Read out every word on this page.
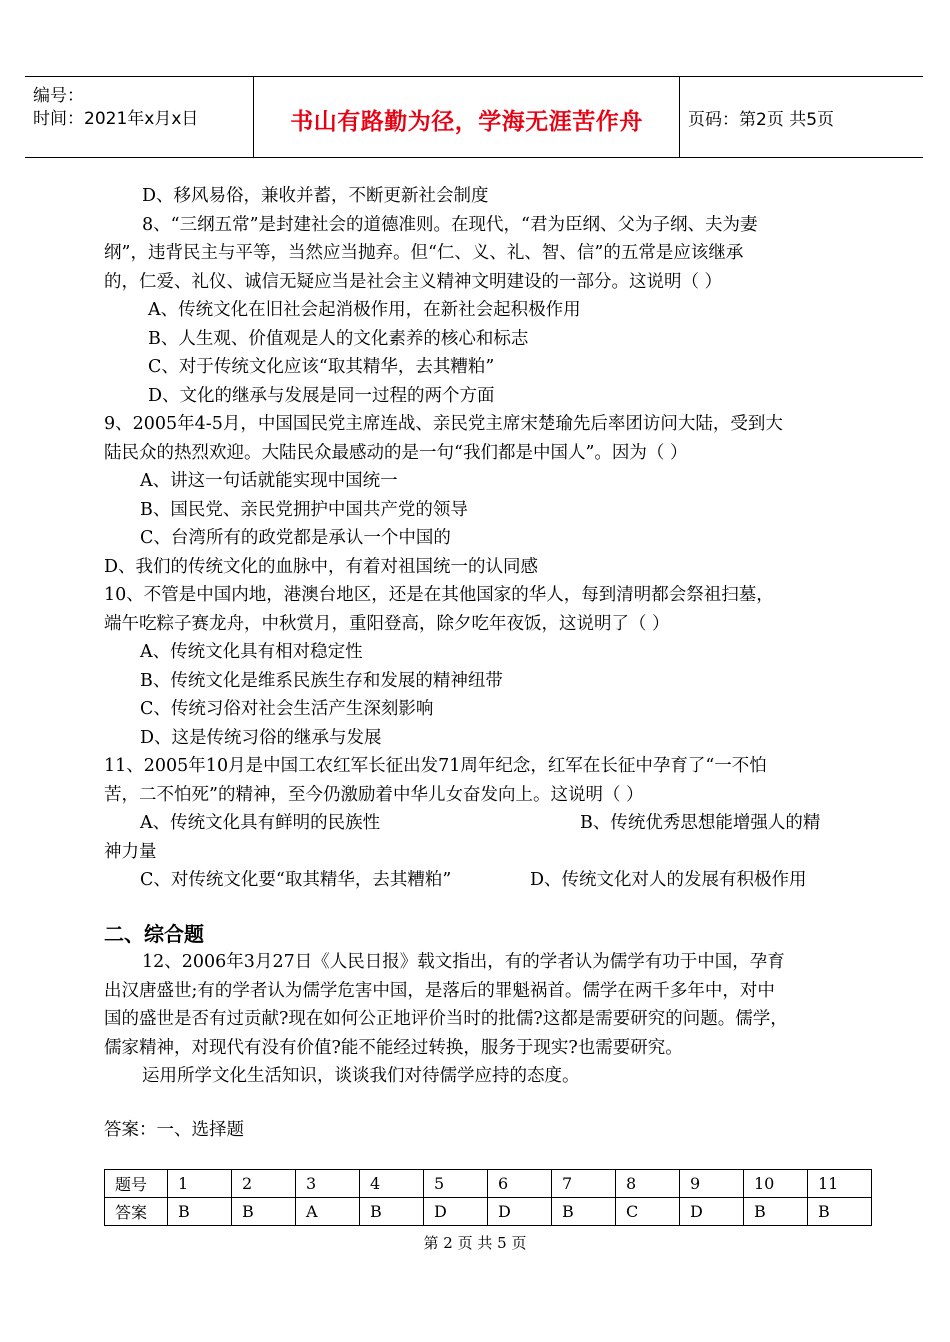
编号：
时间：2021年x月x日	书山有路勤为径，学海无涯苦作舟	页码：第2页 共5页

D、移风易俗，兼收并蓄，不断更新社会制度

8、“三纲五常”是封建社会的道德准则。在现代，“君为臣纲、父为子纲、夫为妻

纲”，违背民主与平等，当然应当抛弃。但“仁、义、礼、智、信”的五常是应该继承

的，仁爱、礼仪、诚信无疑应当是社会主义精神文明建设的一部分。这说明（ ）

A、传统文化在旧社会起消极作用，在新社会起积极作用

B、人生观、价值观是人的文化素养的核心和标志

C、对于传统文化应该“取其精华，去其糟粕”

D、文化的继承与发展是同一过程的两个方面

9、2005年4-5月，中国国民党主席连战、亲民党主席宋楚瑜先后率团访问大陆，受到大

陆民众的热烈欢迎。大陆民众最感动的是一句“我们都是中国人”。因为（ ）

A、讲这一句话就能实现中国统一

B、国民党、亲民党拥护中国共产党的领导

C、台湾所有的政党都是承认一个中国的

D、我们的传统文化的血脉中，有着对祖国统一的认同感

10、不管是中国内地，港澳台地区，还是在其他国家的华人，每到清明都会祭祖扫墓，

端午吃粽子赛龙舟，中秋赏月，重阳登高，除夕吃年夜饭，这说明了（ ）

A、传统文化具有相对稳定性

B、传统文化是维系民族生存和发展的精神纽带

C、传统习俗对社会生活产生深刻影响

D、这是传统习俗的继承与发展

11、2005年10月是中国工农红军长征出发71周年纪念，红军在长征中孕育了“一不怕

苦，二不怕死”的精神，至今仍激励着中华儿女奋发向上。这说明（ ）

A、传统文化具有鲜明的民族性	B、传统优秀思想能增强人的精

神力量

C、对传统文化要“取其精华，去其糟粕”	D、传统文化对人的发展有积极作用

二、综合题

12、2006年3月27日《人民日报》载文指出，有的学者认为儒学有功于中国，孕育

出汉唐盛世;有的学者认为儒学危害中国，是落后的罪魁祸首。儒学在两千多年中，对中

国的盛世是否有过贡献?现在如何公正地评价当时的批儒?这都是需要研究的问题。儒学，

儒家精神，对现代有没有价值?能不能经过转换，服务于现实?也需要研究。

运用所学文化生活知识，谈谈我们对待儒学应持的态度。

答案：一、选择题
题号	1	2	3	4	5	6	7	8	9	10	11
答案	B	B	A	B	D	D	B	C	D	B	B
第 2 页 共 5 页
